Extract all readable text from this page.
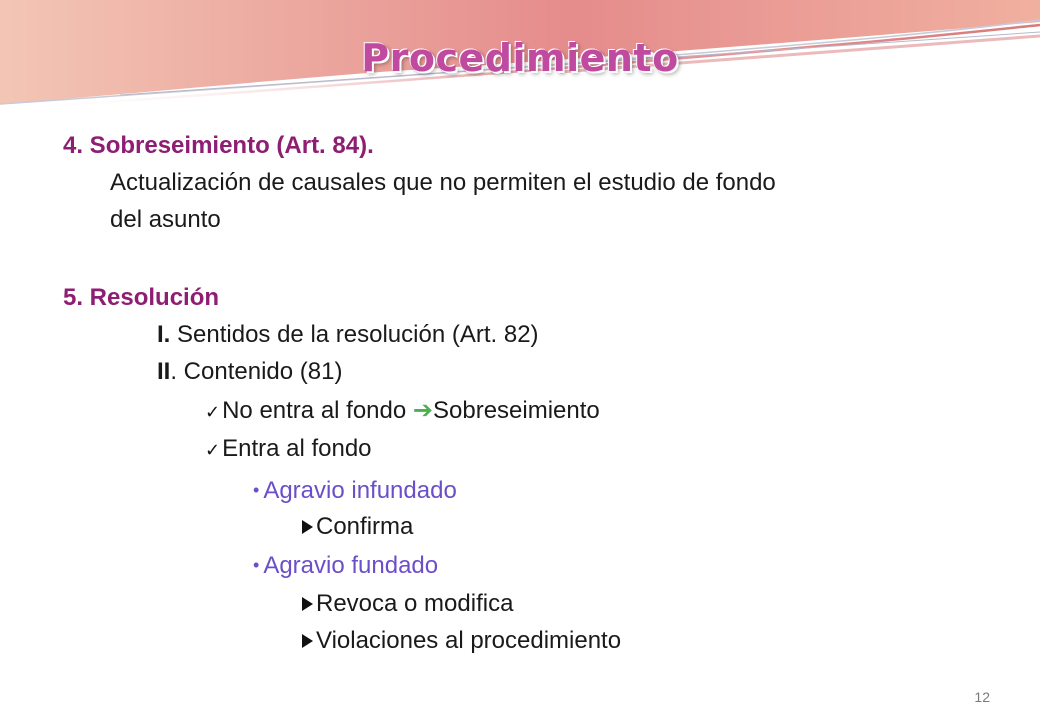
Procedimiento
4. Sobreseimiento (Art. 84).
Actualización de causales que no permiten el estudio de fondo
del asunto
5. Resolución
I. Sentidos de la resolución (Art. 82)
II. Contenido (81)
✓No entra al fondo ➔Sobreseimiento
✓Entra al fondo
• Agravio infundado
Confirma
• Agravio fundado
Revoca o modifica
Violaciones al procedimiento
12
